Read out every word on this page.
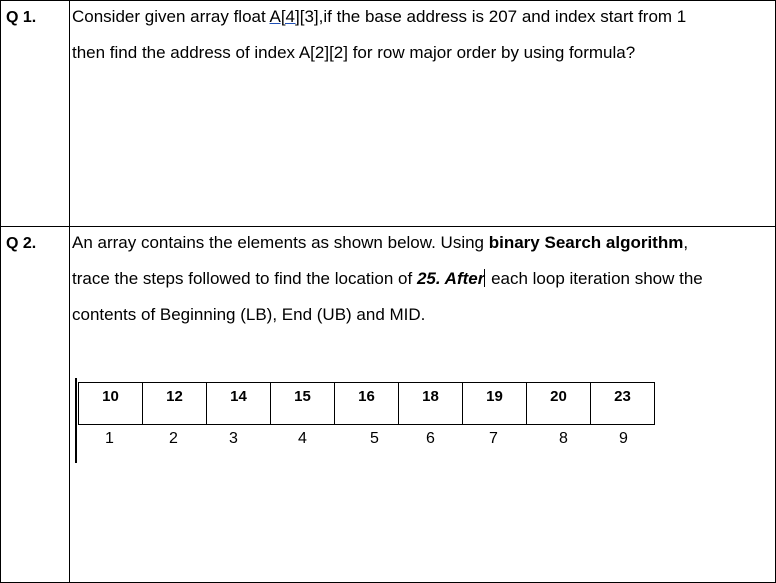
Q 1. Consider given array float A[4][3],if the base address is 207 and index start from 1
then find the address of index A[2][2] for row major order by using formula?
Q 2. An array contains the elements as shown below. Using binary Search algorithm,
trace the steps followed to find the location of 25. After each loop iteration show the
contents of Beginning (LB), End (UB) and MID.
10	12	14	15	16	18	19	20	23
1	2	3	4	5	6	7	8	9
